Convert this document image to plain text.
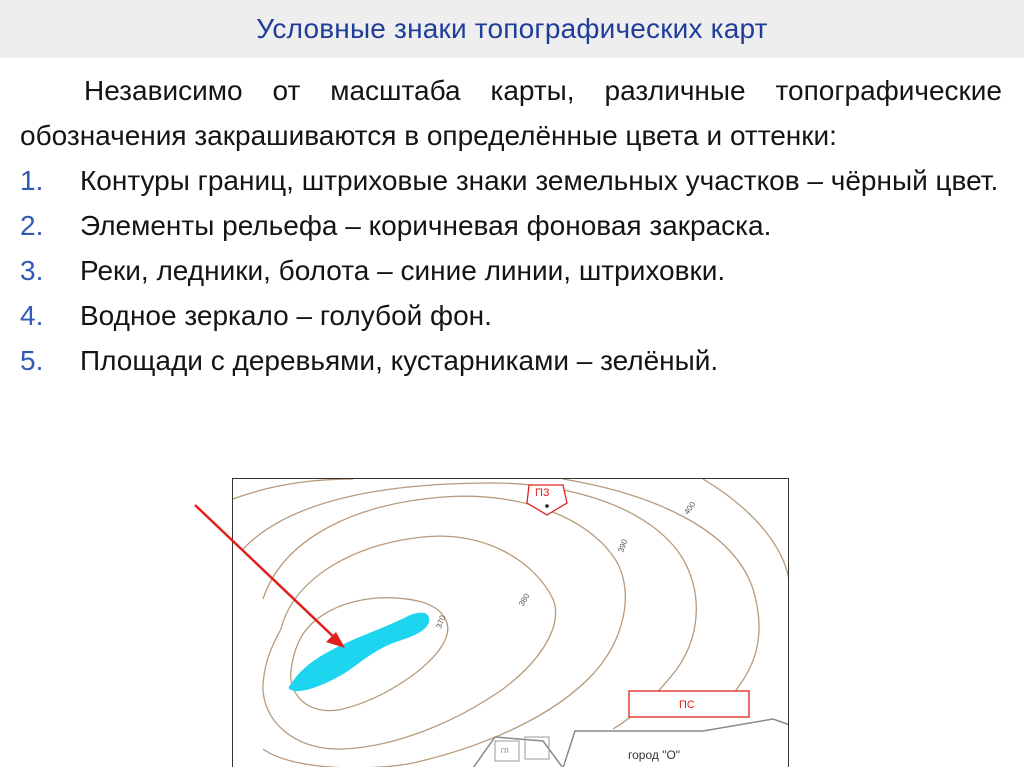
Условные знаки топографических карт

Независимо от масштаба карты, различные топографические обозначения закрашиваются в определённые цвета и оттенки:

1. Контуры границ, штриховые знаки земельных участков – чёрный цвет.
2. Элементы рельефа – коричневая фоновая закраска.
3. Реки, ледники, болота – синие линии, штриховки.
4. Водное зеркало – голубой фон.
5. Площади с деревьями, кустарниками – зелёный.
город "О"
ГП
ПЗ
ПС
400
390
380
370
